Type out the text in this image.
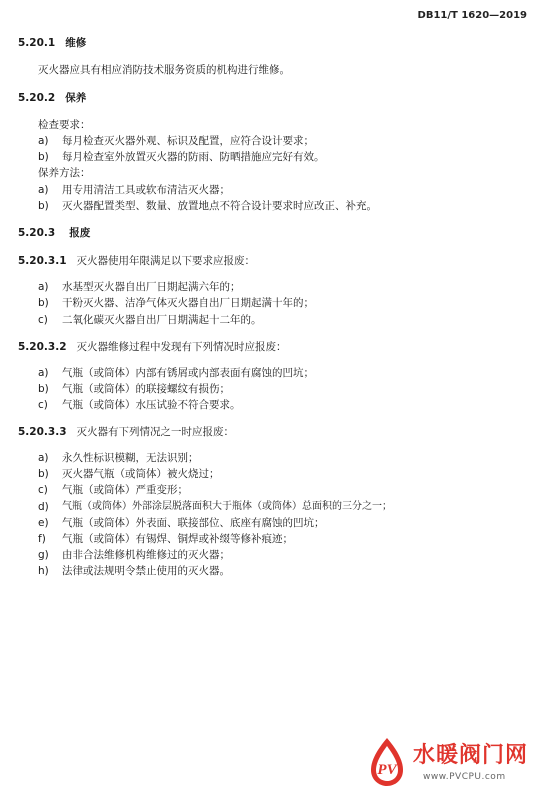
DB11/T 1620—2019
5.20.1 维修
灭火器应具有相应消防技术服务资质的机构进行维修。
5.20.2 保养
检查要求：
a) 每月检查灭火器外观、标识及配置，应符合设计要求；
b) 每月检查室外放置灭火器的防雨、防晒措施应完好有效。
保养方法：
a) 用专用清洁工具或软布清洁灭火器；
b) 灭火器配置类型、数量、放置地点不符合设计要求时应改正、补充。
5.20.3 报废
5.20.3.1 灭火器使用年限满足以下要求应报废：
a) 水基型灭火器自出厂日期起满六年的；
b) 干粉灭火器、洁净气体灭火器自出厂日期起满十年的；
c) 二氧化碳灭火器自出厂日期满起十二年的。
5.20.3.2 灭火器维修过程中发现有下列情况时应报废：
a) 气瓶（或筒体）内部有锈屑或内部表面有腐蚀的凹坑；
b) 气瓶（或筒体）的联接螺纹有损伤；
c) 气瓶（或筒体）水压试验不符合要求。
5.20.3.3 灭火器有下列情况之一时应报废：
a) 永久性标识模糊，无法识别；
b) 灭火器气瓶（或筒体）被火烧过；
c) 气瓶（或筒体）严重变形；
d) 气瓶（或筒体）外部涂层脱落面积大于瓶体（或筒体）总面积的三分之一；
e) 气瓶（或筒体）外表面、联接部位、底座有腐蚀的凹坑；
f) 气瓶（或筒体）有锡焊、铜焊或补缀等修补痕迹；
g) 由非合法维修机构维修过的灭火器；
h) 法律或法规明令禁止使用的灭火器。
PV
水暖阀门网
www.PVCPU.com
